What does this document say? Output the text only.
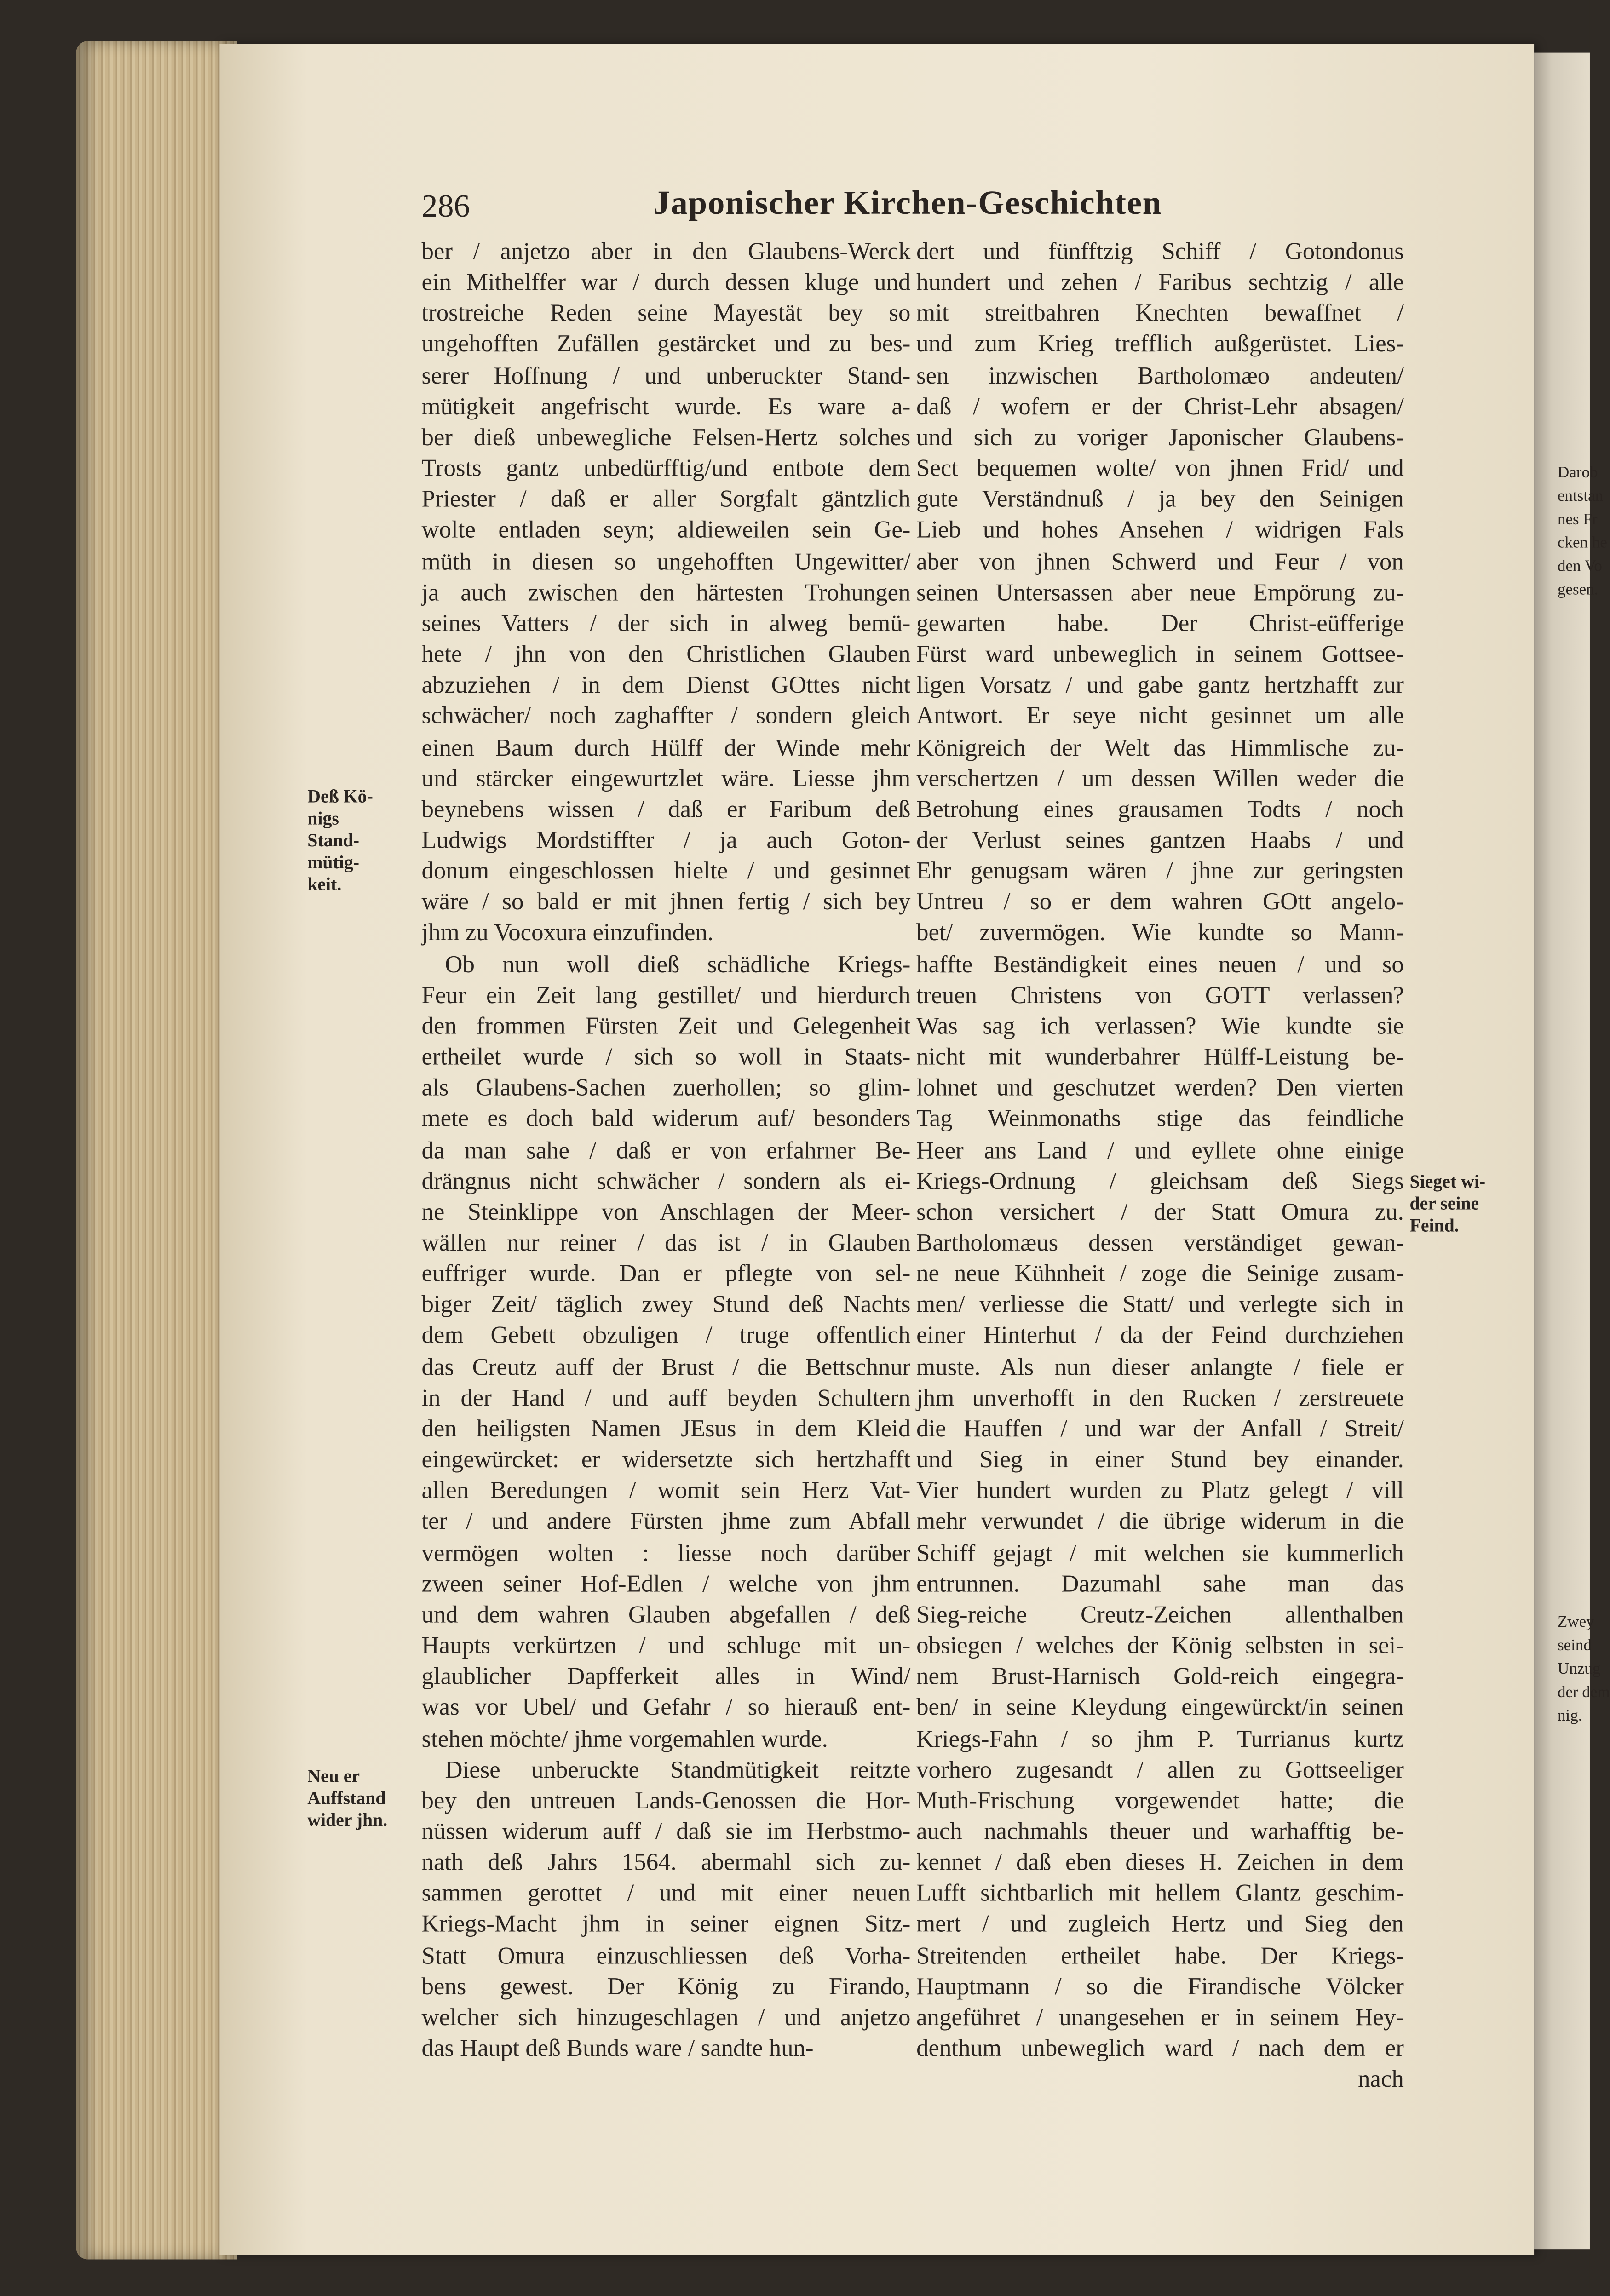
286	Japonischer Kirchen-Geschichten
ber / anjetzo aber in den Glaubens-Werck
ein Mithelffer war / durch dessen kluge und
trostreiche Reden seine Mayestät bey so
ungehofften Zufällen gestärcket und zu bes-
serer Hoffnung / und unberuckter Stand-
mütigkeit angefrischt wurde. Es ware a-
ber dieß unbewegliche Felsen-Hertz solches
Trosts gantz unbedürfftig/und entbote dem
Priester / daß er aller Sorgfalt gäntzlich
wolte entladen seyn; aldieweilen sein Ge-
müth in diesen so ungehofften Ungewitter/
ja auch zwischen den härtesten Trohungen
seines Vatters / der sich in alweg bemü-
hete / jhn von den Christlichen Glauben
abzuziehen / in dem Dienst GOttes nicht
schwächer/ noch zaghaffter / sondern gleich
einen Baum durch Hülff der Winde mehr
und stärcker eingewurtzlet wäre. Liesse jhm
beynebens wissen / daß er Faribum deß
Ludwigs Mordstiffter / ja auch Goton-
donum eingeschlossen hielte / und gesinnet
wäre / so bald er mit jhnen fertig / sich bey
jhm zu Vocoxura einzufinden.
Ob nun woll dieß schädliche Kriegs-
Feur ein Zeit lang gestillet/ und hierdurch
den frommen Fürsten Zeit und Gelegenheit
ertheilet wurde / sich so woll in Staats-
als Glaubens-Sachen zuerhollen; so glim-
mete es doch bald widerum auf/ besonders
da man sahe / daß er von erfahrner Be-
drängnus nicht schwächer / sondern als ei-
ne Steinklippe von Anschlagen der Meer-
wällen nur reiner / das ist / in Glauben
euffriger wurde. Dan er pflegte von sel-
biger Zeit/ täglich zwey Stund deß Nachts
dem Gebett obzuligen / truge offentlich
das Creutz auff der Brust / die Bettschnur
in der Hand / und auff beyden Schultern
den heiligsten Namen JEsus in dem Kleid
eingewürcket: er widersetzte sich hertzhafft
allen Beredungen / womit sein Herz Vat-
ter / und andere Fürsten jhme zum Abfall
vermögen wolten : liesse noch darüber
zween seiner Hof-Edlen / welche von jhm
und dem wahren Glauben abgefallen / deß
Haupts verkürtzen / und schluge mit un-
glaublicher Dapfferkeit alles in Wind/
was vor Ubel/ und Gefahr / so hierauß ent-
stehen möchte/ jhme vorgemahlen wurde.
Diese unberuckte Standmütigkeit reitzte
bey den untreuen Lands-Genossen die Hor-
nüssen widerum auff / daß sie im Herbstmo-
nath deß Jahrs 1564. abermahl sich zu-
sammen gerottet / und mit einer neuen
Kriegs-Macht jhm in seiner eignen Sitz-
Statt Omura einzuschliessen deß Vorha-
bens gewest. Der König zu Firando,
welcher sich hinzugeschlagen / und anjetzo
das Haupt deß Bunds ware / sandte hun-
dert und fünfftzig Schiff / Gotondonus
hundert und zehen / Faribus sechtzig / alle
mit streitbahren Knechten bewaffnet /
und zum Krieg trefflich außgerüstet. Lies-
sen inzwischen Bartholomæo andeuten/
daß / wofern er der Christ-Lehr absagen/
und sich zu voriger Japonischer Glaubens-
Sect bequemen wolte/ von jhnen Frid/ und
gute Verständnuß / ja bey den Seinigen
Lieb und hohes Ansehen / widrigen Fals
aber von jhnen Schwerd und Feur / von
seinen Untersassen aber neue Empörung zu-
gewarten habe. Der Christ-eüfferige
Fürst ward unbeweglich in seinem Gottsee-
ligen Vorsatz / und gabe gantz hertzhafft zur
Antwort. Er seye nicht gesinnet um alle
Königreich der Welt das Himmlische zu-
verschertzen / um dessen Willen weder die
Betrohung eines grausamen Todts / noch
der Verlust seines gantzen Haabs / und
Ehr genugsam wären / jhne zur geringsten
Untreu / so er dem wahren GOtt angelo-
bet/ zuvermögen. Wie kundte so Mann-
haffte Beständigkeit eines neuen / und so
treuen Christens von GOTT verlassen?
Was sag ich verlassen? Wie kundte sie
nicht mit wunderbahrer Hülff-Leistung be-
lohnet und geschutzet werden? Den vierten
Tag Weinmonaths stige das feindliche
Heer ans Land / und eyllete ohne einige
Kriegs-Ordnung / gleichsam deß Siegs
schon versichert / der Statt Omura zu.
Bartholomæus dessen verständiget gewan-
ne neue Kühnheit / zoge die Seinige zusam-
men/ verliesse die Statt/ und verlegte sich in
einer Hinterhut / da der Feind durchziehen
muste. Als nun dieser anlangte / fiele er
jhm unverhofft in den Rucken / zerstreuete
die Hauffen / und war der Anfall / Streit/
und Sieg in einer Stund bey einander.
Vier hundert wurden zu Platz gelegt / vill
mehr verwundet / die übrige widerum in die
Schiff gejagt / mit welchen sie kummerlich
entrunnen. Dazumahl sahe man das
Sieg-reiche Creutz-Zeichen allenthalben
obsiegen / welches der König selbsten in sei-
nem Brust-Harnisch Gold-reich eingegra-
ben/ in seine Kleydung eingewürckt/in seinen
Kriegs-Fahn / so jhm P. Turrianus kurtz
vorhero zugesandt / allen zu Gottseeliger
Muth-Frischung vorgewendet hatte; die
auch nachmahls theuer und warhafftig be-
kennet / daß eben dieses H. Zeichen in dem
Lufft sichtbarlich mit hellem Glantz geschim-
mert / und zugleich Hertz und Sieg den
Streitenden ertheilet habe. Der Kriegs-
Hauptmann / so die Firandische Völcker
angeführet / unangesehen er in seinem Hey-
denthum unbeweglich ward / nach dem er
nach
Deß Kö-
nigs
Stand-
mütig-
keit.
Neu er
Auffstand
wider jhn.
Sieget wi-
der seine
Feind.
Darob
entstan
nes Fr
cken he
den Vo
gesen.
Zwey
seind
Unzug
der dem
nig.
